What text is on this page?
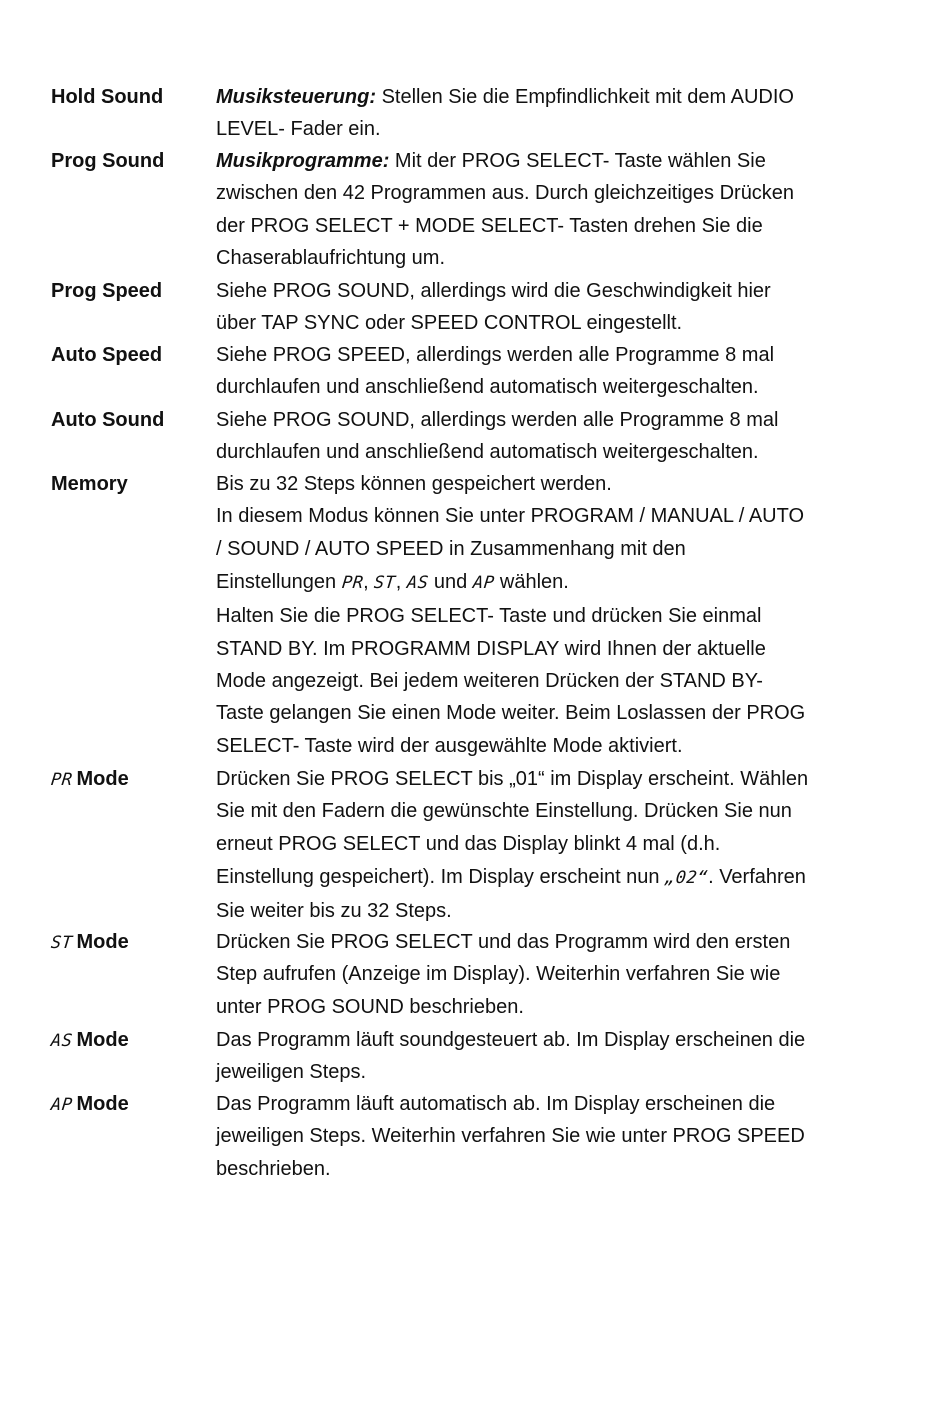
Hold Sound	Musiksteuerung: Stellen Sie die Empfindlichkeit mit dem AUDIO
LEVEL- Fader ein.
Prog Sound	Musikprogramme: Mit der PROG SELECT- Taste wählen Sie
zwischen den 42 Programmen aus. Durch gleichzeitiges Drücken
der PROG SELECT + MODE SELECT- Tasten drehen Sie die
Chaserablaufrichtung um.
Prog Speed	Siehe PROG SOUND, allerdings wird die Geschwindigkeit hier
über TAP SYNC oder SPEED CONTROL eingestellt.
Auto Speed	Siehe PROG SPEED, allerdings werden alle Programme 8 mal
durchlaufen und anschließend automatisch weitergeschalten.
Auto Sound	Siehe PROG SOUND, allerdings werden alle Programme 8 mal
durchlaufen und anschließend automatisch weitergeschalten.
Memory	Bis zu 32 Steps können gespeichert werden.
In diesem Modus können Sie unter PROGRAM / MANUAL / AUTO
/ SOUND / AUTO SPEED in Zusammenhang mit den
Einstellungen PR, ST, AS und AP wählen.
Halten Sie die PROG SELECT- Taste und drücken Sie einmal
STAND BY. Im PROGRAMM DISPLAY wird Ihnen der aktuelle
Mode angezeigt. Bei jedem weiteren Drücken der STAND BY-
Taste gelangen Sie einen Mode weiter. Beim Loslassen der PROG
SELECT- Taste wird der ausgewählte Mode aktiviert.
PR Mode	Drücken Sie PROG SELECT bis „01“ im Display erscheint. Wählen
Sie mit den Fadern die gewünschte Einstellung. Drücken Sie nun
erneut PROG SELECT und das Display blinkt 4 mal (d.h.
Einstellung gespeichert). Im Display erscheint nun „02“. Verfahren
Sie weiter bis zu 32 Steps.
ST Mode	Drücken Sie PROG SELECT und das Programm wird den ersten
Step aufrufen (Anzeige im Display). Weiterhin verfahren Sie wie
unter PROG SOUND beschrieben.
AS Mode	Das Programm läuft soundgesteuert ab. Im Display erscheinen die
jeweiligen Steps.
AP Mode	Das Programm läuft automatisch ab. Im Display erscheinen die
jeweiligen Steps. Weiterhin verfahren Sie wie unter PROG SPEED
beschrieben.
